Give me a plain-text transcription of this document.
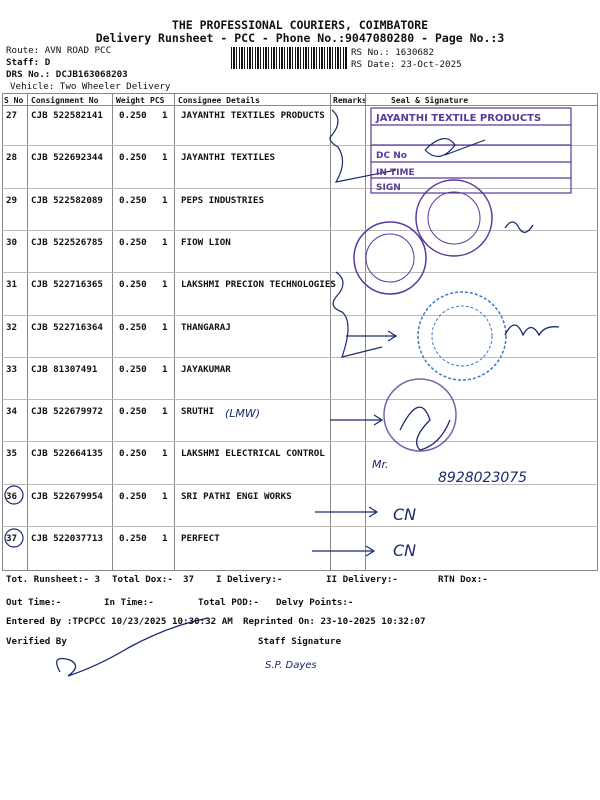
THE PROFESSIONAL COURIERS, COIMBATORE
Delivery Runsheet - PCC - Phone No.:9047080280 - Page No.:3
Route: AVN ROAD PCC
Staff: D
DRS No.: DCJB163068203
Vehicle: Two Wheeler Delivery
RS No.: 1630682
RS Date: 23-Oct-2025
S No Consignment No Weight PCS Consignee Details	Remarks	Seal & Signature
27 CJB 522582141 0.250 1 JAYANTHI TEXTILES PRODUCTS
28 CJB 522692344 0.250 1 JAYANTHI TEXTILES
29 CJB 522582089 0.250 1 PEPS INDUSTRIES
30 CJB 522526785 0.250 1 FIOW LION
31 CJB 522716365 0.250 1 LAKSHMI PRECION TECHNOLOGIES
32 CJB 522716364 0.250 1 THANGARAJ
33 CJB 81307491 0.250 1 JAYAKUMAR
34 CJB 522679972 0.250 1 SRUTHI
35 CJB 522664135 0.250 1 LAKSHMI ELECTRICAL CONTROL
36 CJB 522679954 0.250 1 SRI PATHI ENGI WORKS
37 CJB 522037713 0.250 1 PERFECT
JAYANTHI TEXTILE PRODUCTS
DC No
IN TIME
SIGN
(LMW)
Mr.
8928023075
CN
CN
S.P. Dayes
Tot. Runsheet:- 3 Total Dox:- 37 I Delivery:-	II Delivery:-	RTN Dox:-
Out Time:-	In Time:-	Total POD:- Delvy Points:-
Entered By :TPCPCC 10/23/2025 10:30:32 AM Reprinted On: 23-10-2025 10:32:07
Verified By	Staff Signature
